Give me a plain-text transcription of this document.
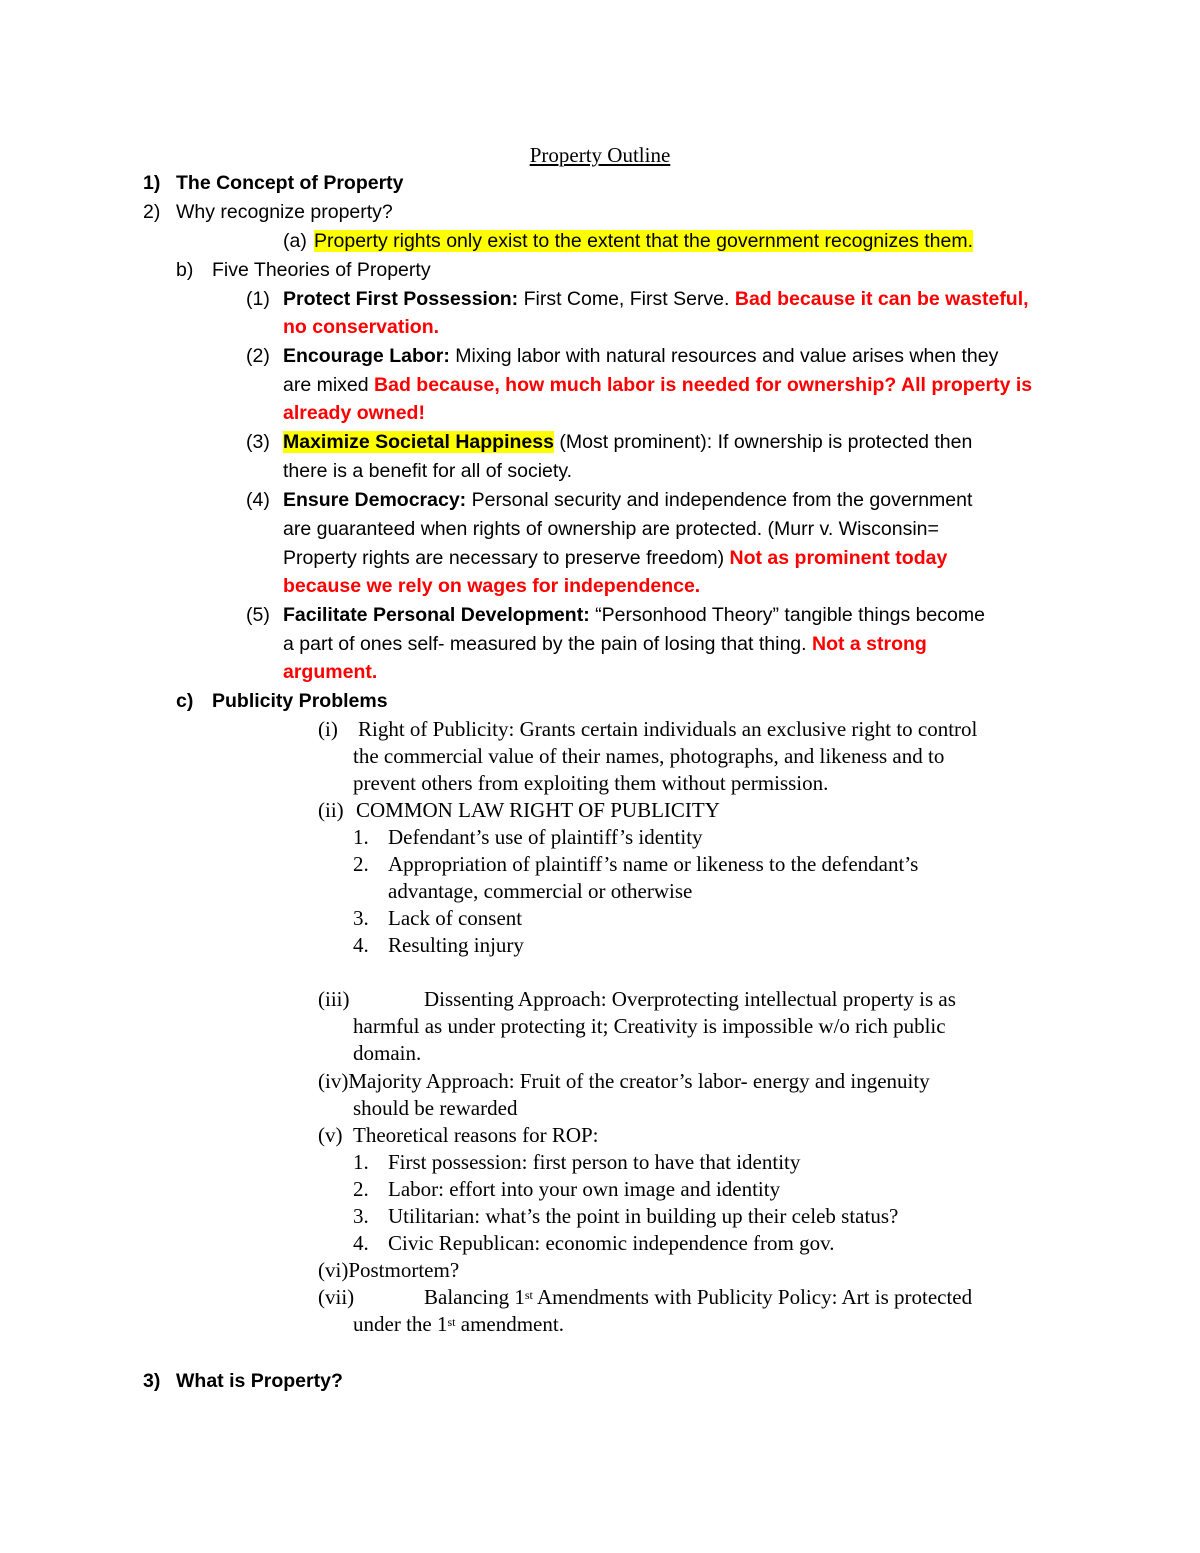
Property Outline
1) The Concept of Property
2) Why recognize property?
(a) Property rights only exist to the extent that the government recognizes them.
b) Five Theories of Property
(1) Protect First Possession: First Come, First Serve. Bad because it can be wasteful,
no conservation.
(2) Encourage Labor: Mixing labor with natural resources and value arises when they
are mixed Bad because, how much labor is needed for ownership? All property is
already owned!
(3) Maximize Societal Happiness (Most prominent): If ownership is protected then
there is a benefit for all of society.
(4) Ensure Democracy: Personal security and independence from the government
are guaranteed when rights of ownership are protected. (Murr v. Wisconsin=
Property rights are necessary to preserve freedom) Not as prominent today
because we rely on wages for independence.
(5) Facilitate Personal Development: “Personhood Theory” tangible things become
a part of ones self- measured by the pain of losing that thing. Not a strong
argument.
c) Publicity Problems
(i) Right of Publicity: Grants certain individuals an exclusive right to control
the commercial value of their names, photographs, and likeness and to
prevent others from exploiting them without permission.
(ii) COMMON LAW RIGHT OF PUBLICITY
1. Defendant’s use of plaintiff’s identity
2. Appropriation of plaintiff’s name or likeness to the defendant’s
advantage, commercial or otherwise
3. Lack of consent
4. Resulting injury
(iii)	Dissenting Approach: Overprotecting intellectual property is as
harmful as under protecting it; Creativity is impossible w/o rich public
domain.
(iv)Majority Approach: Fruit of the creator’s labor- energy and ingenuity
should be rewarded
(v) Theoretical reasons for ROP:
1. First possession: first person to have that identity
2. Labor: effort into your own image and identity
3. Utilitarian: what’s the point in building up their celeb status?
4. Civic Republican: economic independence from gov.
(vi)Postmortem?
(vii)	Balancing 1st Amendments with Publicity Policy: Art is protected
under the 1st amendment.
3) What is Property?
